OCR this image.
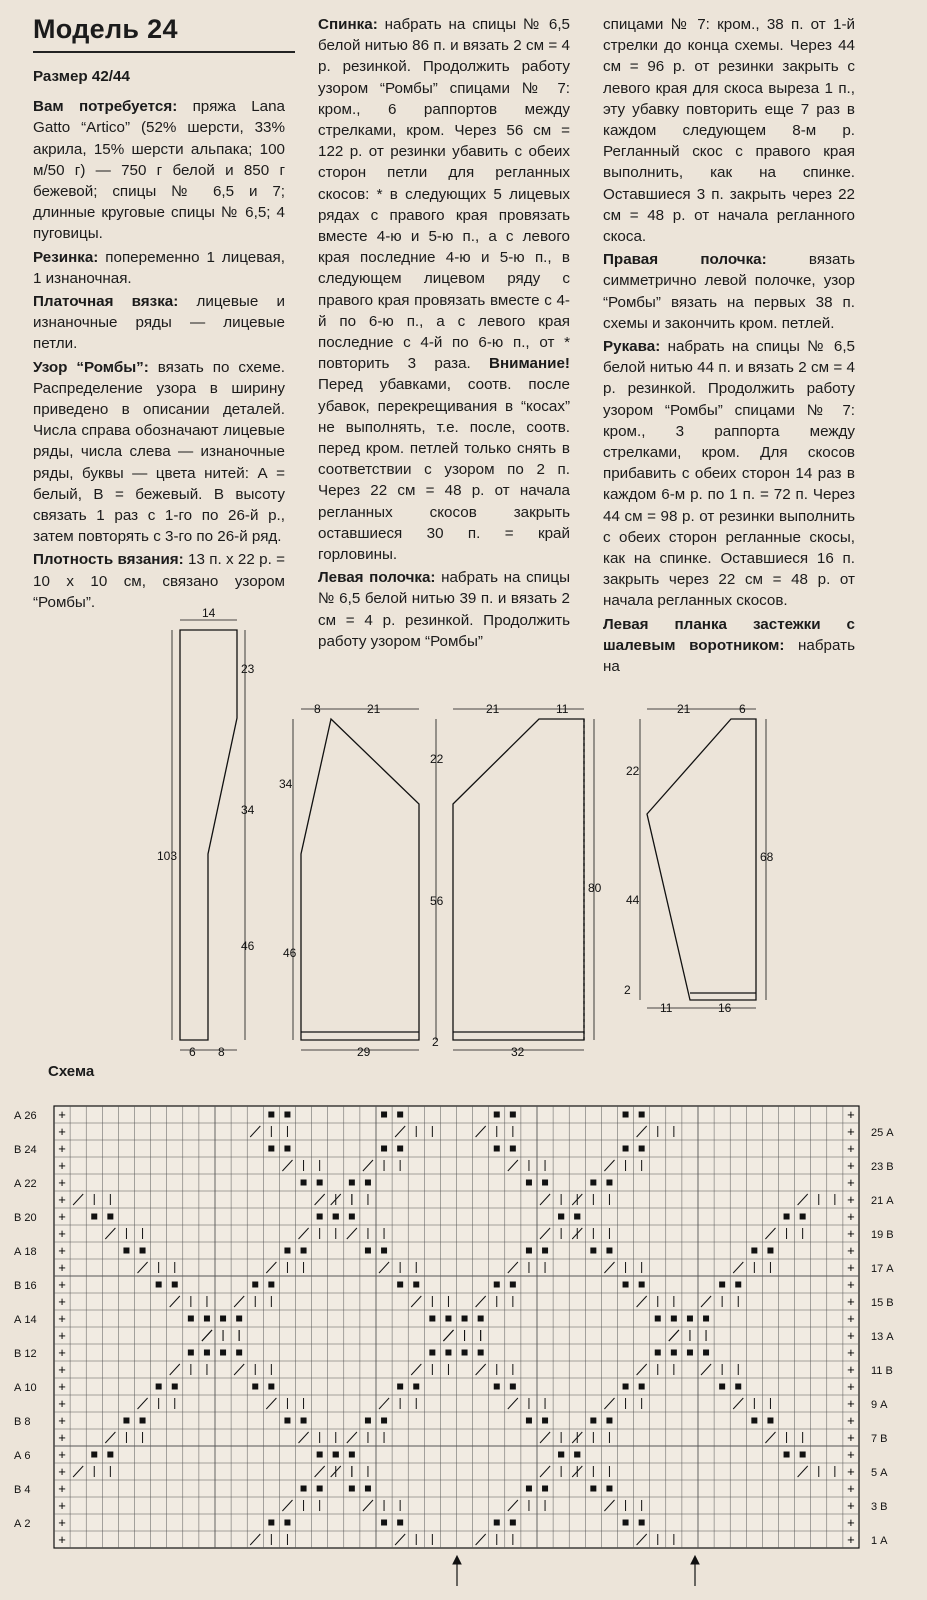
Модель 24

Размер 42/44

Вам потребуется: пряжа Lana Gatto “Artico” (52% шерсти, 33% акрила, 15% шерсти альпака; 100 м/50 г) — 750 г белой и 850 г бежевой; спицы № 6,5 и 7; длинные круговые спицы № 6,5; 4 пуговицы.

Резинка: попеременно 1 лицевая, 1 изнаночная.

Платочная вязка: лицевые и изнаночные ряды — лицевые петли.

Узор “Ромбы”: вязать по схеме. Распределение узора в ширину приведено в описании деталей. Числа справа обозначают лицевые ряды, числа слева — изнаночные ряды, буквы — цвета нитей: А = белый, В = бежевый. В высоту связать 1 раз с 1-го по 26-й р., затем повторять с 3-го по 26-й ряд.

Плотность вязания: 13 п. х 22 р. = 10 х 10 см, связано узором “Ромбы”.

Спинка: набрать на спицы № 6,5 белой нитью 86 п. и вязать 2 см = 4 р. резинкой. Продолжить работу узором “Ромбы” спицами № 7: кром., 6 раппортов между стрелками, кром. Через 56 см = 122 р. от резинки убавить с обеих сторон петли для регланных скосов: * в следующих 5 лицевых рядах с правого края провязать вместе 4-ю и 5-ю п., а с левого края последние 4-ю и 5-ю п., в следующем лицевом ряду с правого края провязать вместе с 4-й по 6-ю п., а с левого края последние с 4-й по 6-ю п., от * повторить 3 раза. Внимание! Перед убавками, соотв. после убавок, перекрещивания в “косах” не выполнять, т.е. после, соотв. перед кром. петлей только снять в соответствии с узором по 2 п. Через 22 см = 48 р. от начала регланных скосов закрыть оставшиеся 30 п. = край горловины.

Левая полочка: набрать на спицы № 6,5 белой нитью 39 п. и вязать 2 см = 4 р. резинкой. Продолжить работу узором “Ромбы”

спицами № 7: кром., 38 п. от 1-й стрелки до конца схемы. Через 44 см = 96 р. от резинки закрыть с левого края для скоса выреза 1 п., эту убавку повторить еще 7 раз в каждом следующем 8-м р. Регланный скос с правого края выполнить, как на спинке. Оставшиеся 3 п. закрыть через 22 см = 48 р. от начала регланного скоса.

Правая полочка: вязать симметрично левой полочке, узор “Ромбы” вязать на первых 38 п. схемы и закончить кром. петлей.

Рукава: набрать на спицы № 6,5 белой нитью 44 п. и вязать 2 см = 4 р. резинкой. Продолжить работу узором “Ромбы” спицами № 7: кром., 3 раппорта между стрелками, кром. Для скосов прибавить с обеих сторон 14 раз в каждом 6-м р. по 1 п. = 72 п. Через 44 см = 98 р. от резинки выполнить с обеих сторон регланные скосы, как на спинке. Оставшиеся 16 п. закрыть через 22 см = 48 р. от начала регланных скосов.

Левая планка застежки с шалевым воротником: набрать на

14
23
34
103
46
6 8
8	21
34
46
29
22
56
2
21	11
80
32
21	6
22
68
44
2
11	16
Схема
+	+
+	+
+	+
+	+
+	+
+	+
+	+
+	+
+	+
+	+
+	+
+	+
+	+
+	+
+	+
+	+
+	+
+	+
+	+
+	+
+	+
+	+
+	+
+	+
+	+
+	+
А 26
В 24
А 22
В 20
А 18
В 16
А 14
В 12
А 10
В 8
А 6
В 4
А 2
25 А
23 В
21 А
19 В
17 А
15 В
13 А
11 В
9 А
7 В
5 А
3 В
1 А
